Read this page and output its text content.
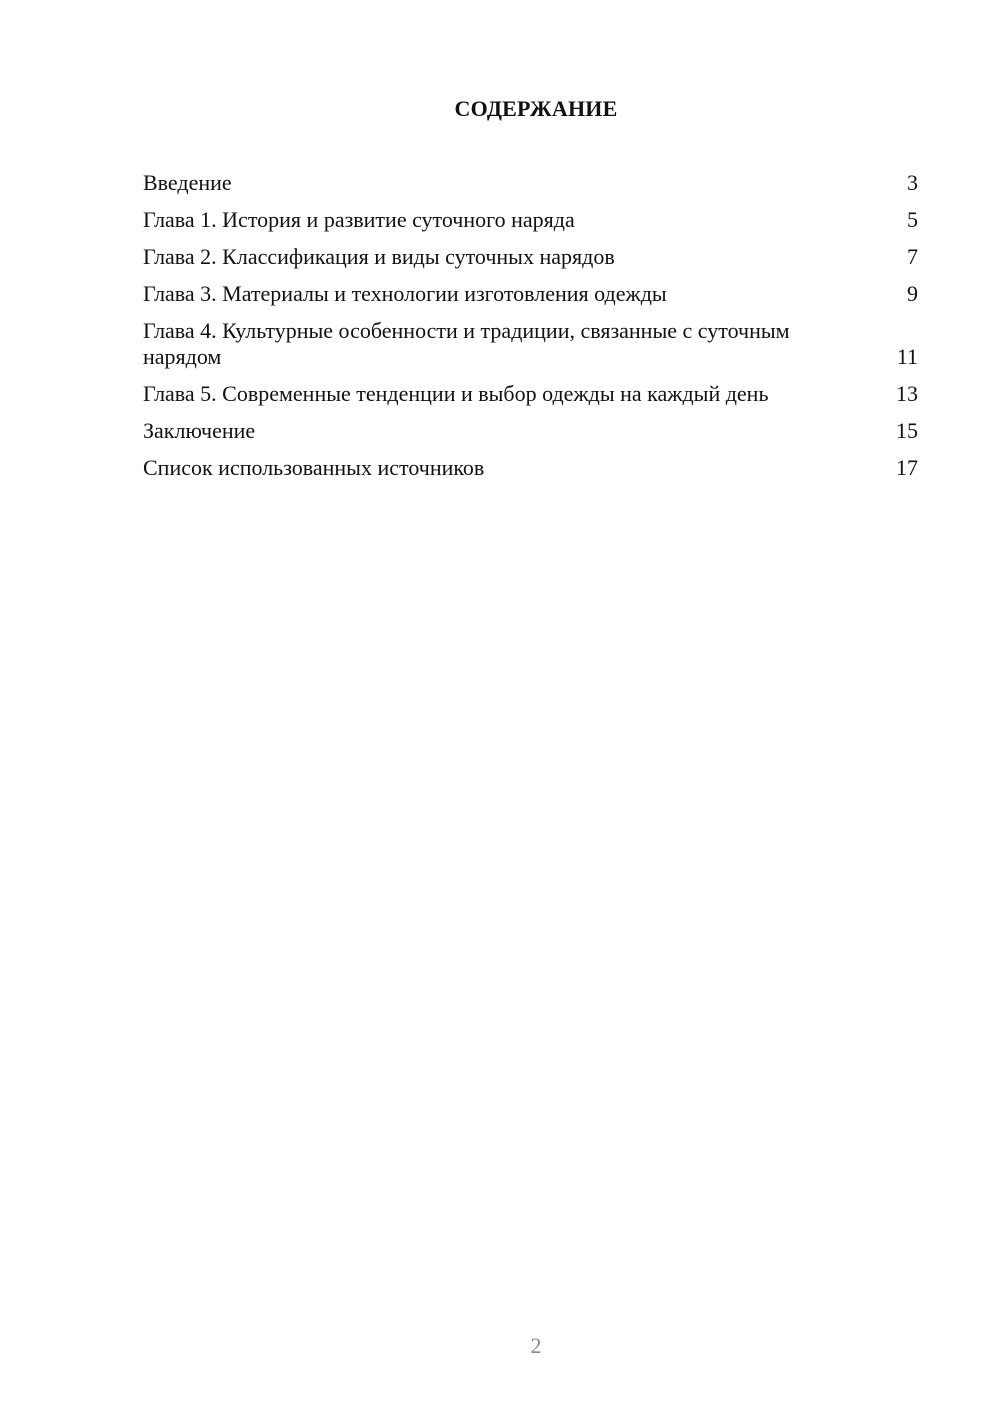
СОДЕРЖАНИЕ
Введение	3
Глава 1. История и развитие суточного наряда	5
Глава 2. Классификация и виды суточных нарядов	7
Глава 3. Материалы и технологии изготовления одежды	9
Глава 4. Культурные особенности и традиции, связанные с суточным нарядом	11
Глава 5. Современные тенденции и выбор одежды на каждый день	13
Заключение	15
Список использованных источников	17
2
